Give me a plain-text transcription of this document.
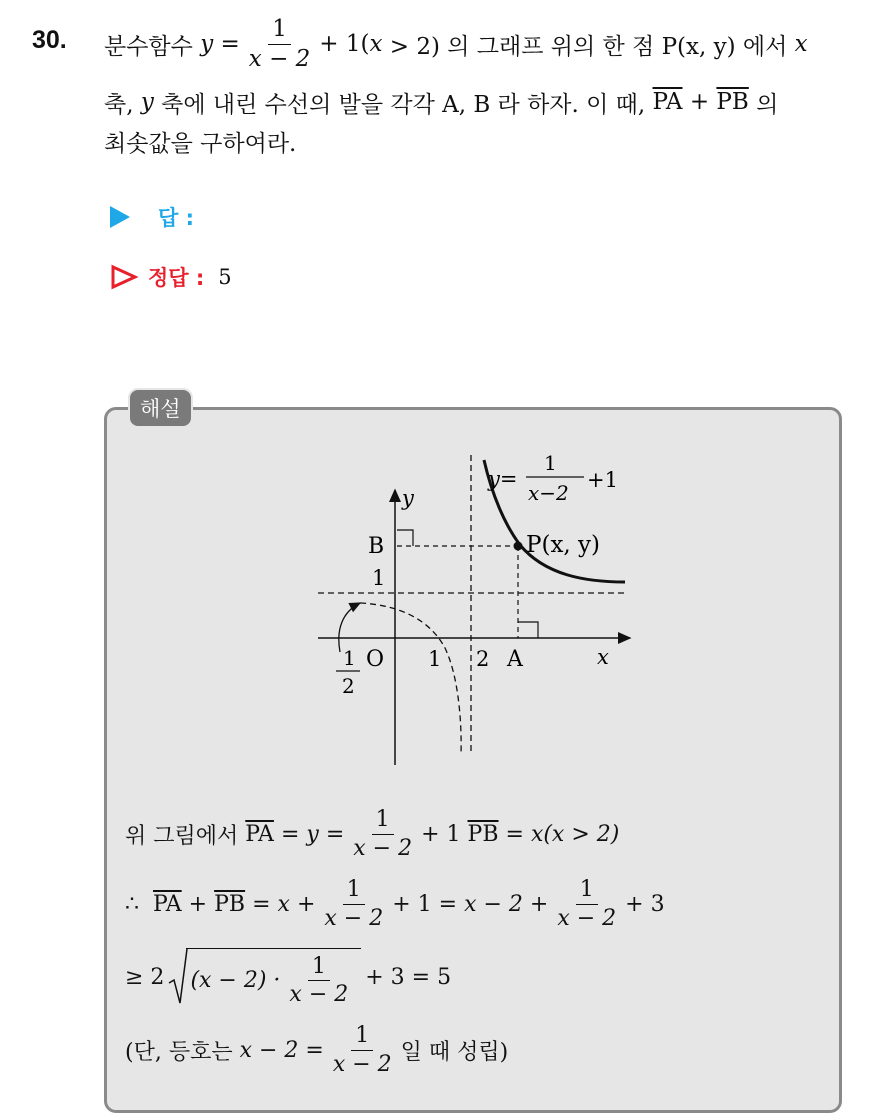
30. 분수함수
y
= $\frac{1}{x - 2} + 1$( x
> 2) 의 그래프 위의 한 점 P(x, y) 에서
x
축,
y
축에 내린 수선의 발을 각각 A, B 라 하자. 이 때,
$\overline{PA}$
+
$\overline{PB}$
의
최솟값을 구하여라.
답 :
정답 : 5
해설
y=
1
x−2
+1
P(x, y)
y
x
B
1
O 1 2 A
1
2
위 그림에서
$\overline{PA}$
=
y
= $\frac{1}{x - 2} + 1$
$\overline{PB}$
=
x(x > 2)
∴
$\overline{PA}$
+
$\overline{PB}$
=
x
+ $\frac{1}{x - 2} + 1$ =
$x - 2 + \frac{1}{x - 2} + 3$
≥ 2 $(x - 2) \cdot \frac{1}{x - 2} + 3 = 5$
(단, 등호는
$x - 2 = \frac{1}{x - 2}$ 일 때 성립)
